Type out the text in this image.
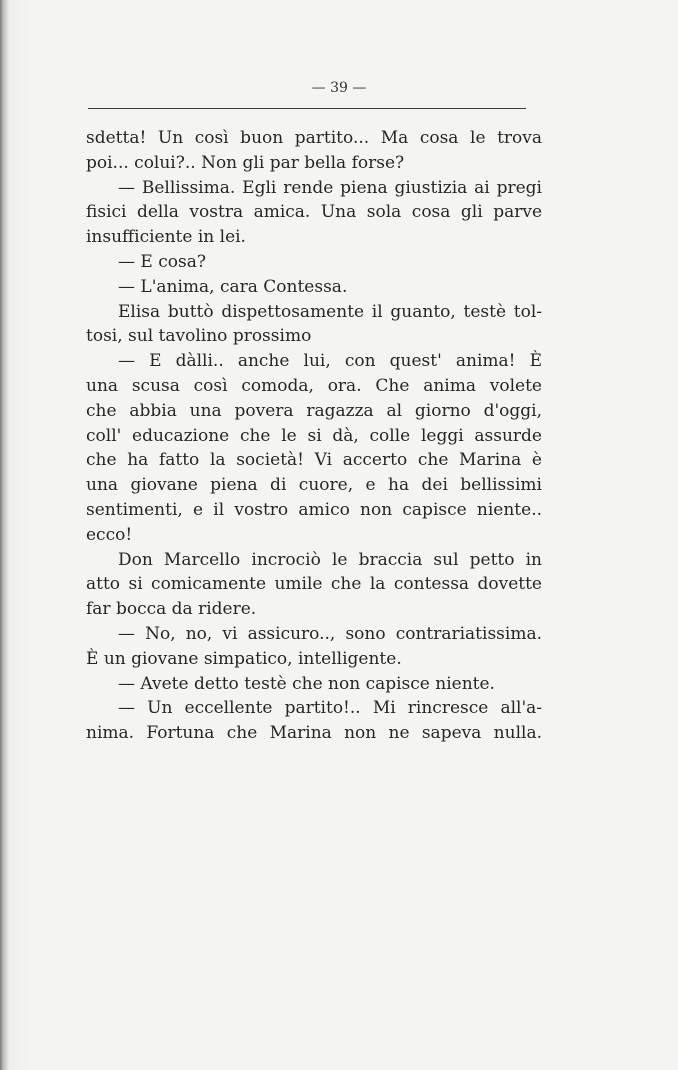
— 39 —
sdetta! Un così buon partito... Ma cosa le trova
poi... colui?.. Non gli par bella forse?
— Bellissima. Egli rende piena giustizia ai pregi
fisici della vostra amica. Una sola cosa gli parve
insufficiente in lei.
— E cosa?
— L'anima, cara Contessa.
Elisa buttò dispettosamente il guanto, testè tol-
tosi, sul tavolino prossimo
— E dàlli.. anche lui, con quest' anima! È
una scusa così comoda, ora. Che anima volete
che abbia una povera ragazza al giorno d'oggi,
coll' educazione che le si dà, colle leggi assurde
che ha fatto la società! Vi accerto che Marina è
una giovane piena di cuore, e ha dei bellissimi
sentimenti, e il vostro amico non capisce niente..
ecco!
Don Marcello incrociò le braccia sul petto in
atto si comicamente umile che la contessa dovette
far bocca da ridere.
— No, no, vi assicuro.., sono contrariatissima.
È un giovane simpatico, intelligente.
— Avete detto testè che non capisce niente.
— Un eccellente partito!.. Mi rincresce all'a-
nima. Fortuna che Marina non ne sapeva nulla.
